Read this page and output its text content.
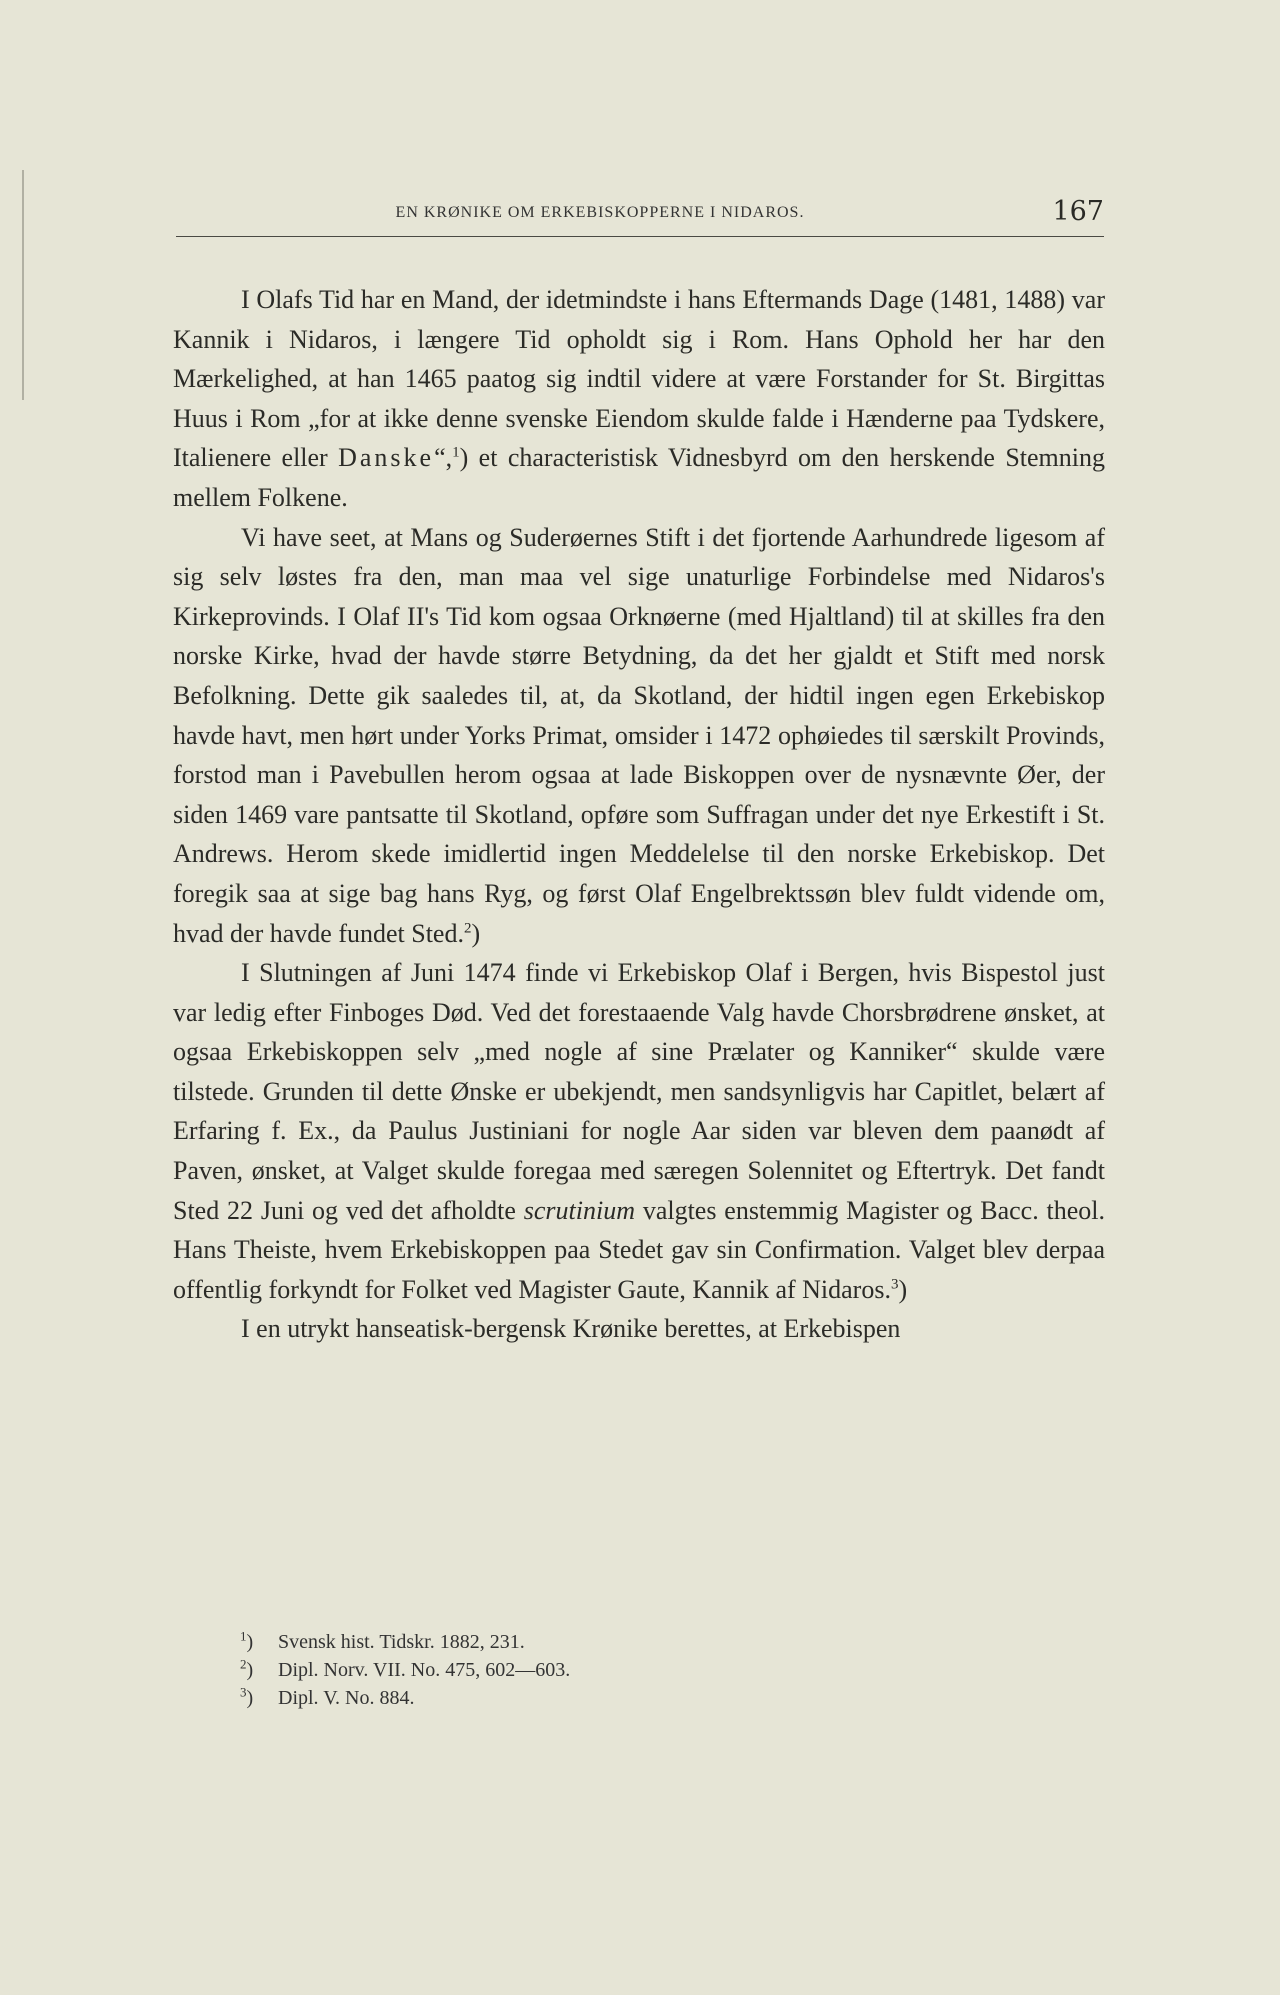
EN KRØNIKE OM ERKEBISKOPPERNE I NIDAROS.	167

I Olafs Tid har en Mand, der idetmindste i hans Eftermands Dage (1481, 1488) var Kannik i Nidaros, i længere Tid opholdt sig i Rom. Hans Ophold her har den Mærkelighed, at han 1465 paatog sig indtil videre at være Forstander for St. Birgittas Huus i Rom „for at ikke denne svenske Eiendom skulde falde i Hænderne paa Tydskere, Italienere eller Danske“,$^1$) et characteristisk Vidnesbyrd om den herskende Stemning mellem Folkene.

Vi have seet, at Mans og Suderøernes Stift i det fjortende Aarhundrede ligesom af sig selv løstes fra den, man maa vel sige unaturlige Forbindelse med Nidaros's Kirkeprovinds. I Olaf II's Tid kom ogsaa Orknøerne (med Hjaltland) til at skilles fra den norske Kirke, hvad der havde større Betydning, da det her gjaldt et Stift med norsk Befolkning. Dette gik saaledes til, at, da Skotland, der hidtil ingen egen Erkebiskop havde havt, men hørt under Yorks Primat, omsider i 1472 ophøiedes til særskilt Provinds, forstod man i Pavebullen herom ogsaa at lade Biskoppen over de nysnævnte Øer, der siden 1469 vare pantsatte til Skotland, opføre som Suffragan under det nye Erkestift i St. Andrews. Herom skede imidlertid ingen Meddelelse til den norske Erkebiskop. Det foregik saa at sige bag hans Ryg, og først Olaf Engelbrektssøn blev fuldt vidende om, hvad der havde fundet Sted.$^2$)

I Slutningen af Juni 1474 finde vi Erkebiskop Olaf i Bergen, hvis Bispestol just var ledig efter Finboges Død. Ved det forestaaende Valg havde Chorsbrødrene ønsket, at ogsaa Erkebiskoppen selv „med nogle af sine Prælater og Kanniker“ skulde være tilstede. Grunden til dette Ønske er ubekjendt, men sandsynligvis har Capitlet, belært af Erfaring f. Ex., da Paulus Justiniani for nogle Aar siden var bleven dem paanødt af Paven, ønsket, at Valget skulde foregaa med særegen Solennitet og Eftertryk. Det fandt Sted 22 Juni og ved det afholdte scrutinium valgtes enstemmig Magister og Bacc. theol. Hans Theiste, hvem Erkebiskoppen paa Stedet gav sin Confirmation. Valget blev derpaa offentlig forkyndt for Folket ved Magister Gaute, Kannik af Nidaros.$^3$)

I en utrykt hanseatisk-bergensk Krønike berettes, at Erkebispen

$^1$)	Svensk hist. Tidskr. 1882, 231.
$^2$)	Dipl. Norv. VII. No. 475, 602—603.
$^3$)	Dipl. V. No. 884.
